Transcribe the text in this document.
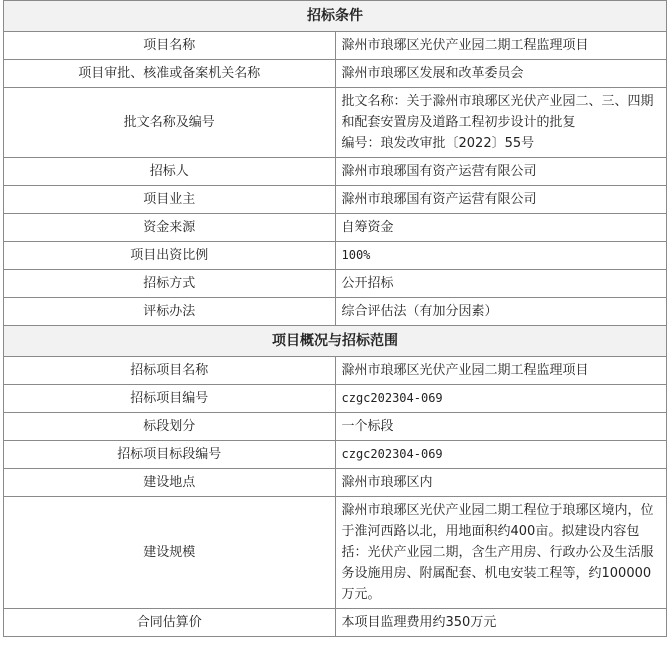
招标条件	
项目名称	滁州市琅琊区光伏产业园二期工程监理项目
项目审批、核准或备案机关名称	滁州市琅琊区发展和改革委员会
批文名称及编号	批文名称：关于滁州市琅琊区光伏产业园二、三、四期和配套安置房及道路工程初步设计的批复
编号：琅发改审批〔2022〕55号

招标人	滁州市琅琊国有资产运营有限公司
项目业主	滁州市琅琊国有资产运营有限公司
资金来源	自筹资金
项目出资比例	100%
招标方式	公开招标
评标办法	综合评估法（有加分因素）
项目概况与招标范围	
招标项目名称	滁州市琅琊区光伏产业园二期工程监理项目
招标项目编号	czgc202304-069
标段划分	一个标段
招标项目标段编号	czgc202304-069
建设地点	滁州市琅琊区内
建设规模	滁州市琅琊区光伏产业园二期工程位于琅琊区境内，位于淮河西路以北，用地面积约400亩。拟建设内容包括：光伏产业园二期，含生产用房、行政办公及生活服务设施用房、附属配套、机电安装工程等，约100000万元。
合同估算价	本项目监理费用约350万元
